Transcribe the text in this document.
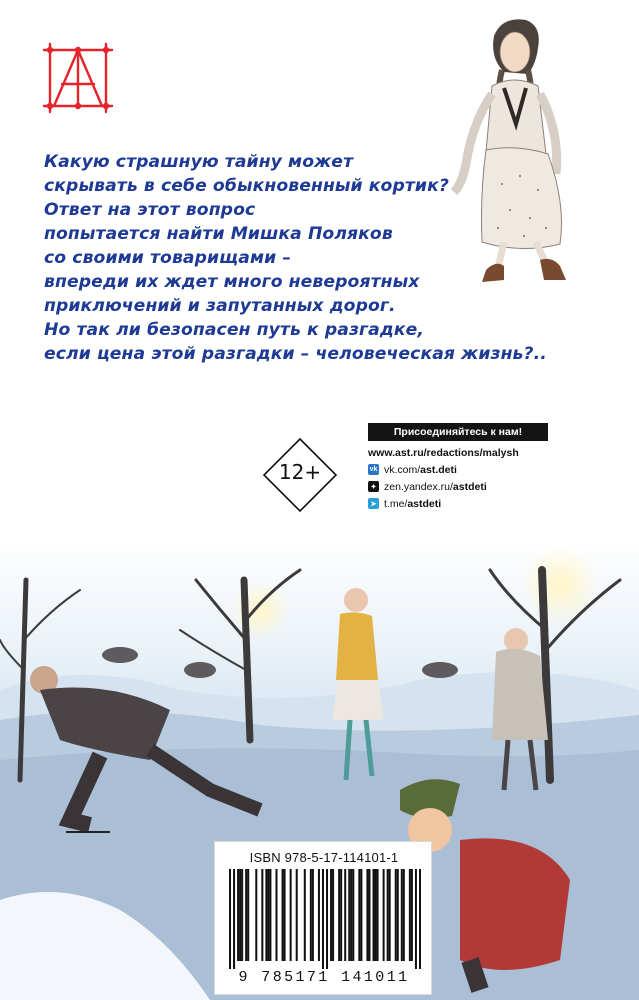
Какую страшную тайну может
скрывать в себе обыкновенный кортик?
Ответ на этот вопрос
попытается найти Мишка Поляков
со своими товарищами –
впереди их ждет много невероятных
приключений и запутанных дорог.
Но так ли безопасен путь к разгадке,
если цена этой разгадки – человеческая жизнь?..
12+
Присоединяйтесь к нам!
www.ast.ru/redactions/malysh
vk vk.com/ast.deti
✦ zen.yandex.ru/astdeti
➤ t.me/astdeti
ISBN 978-5-17-114101-1
9 785171 141011
